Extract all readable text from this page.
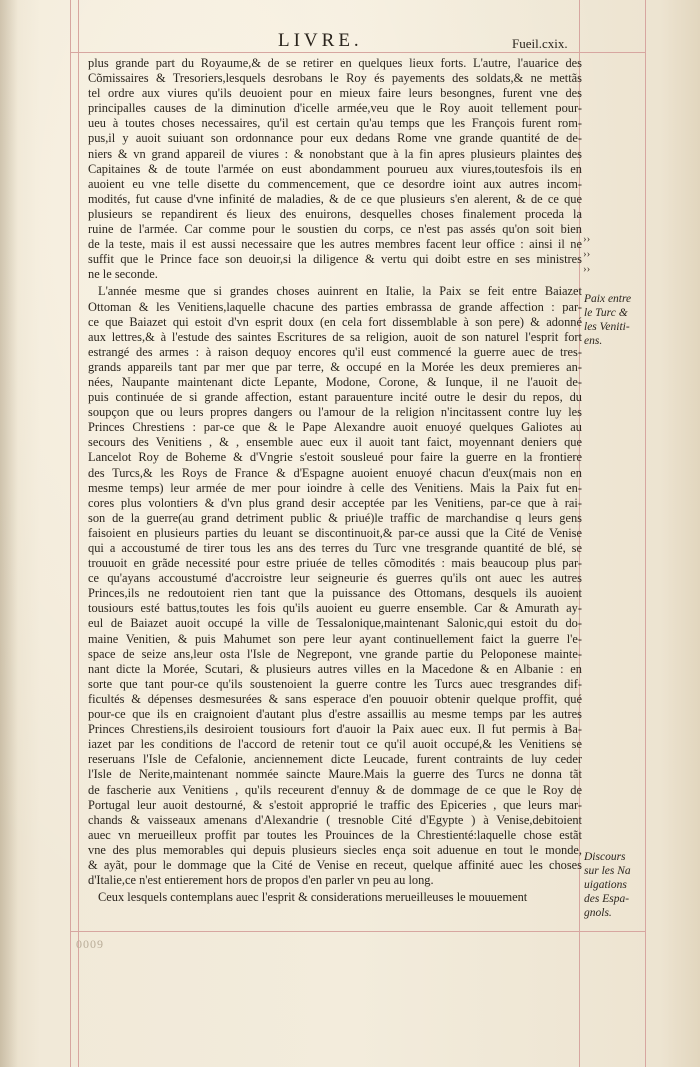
LIVRE.	Fueil.cxix.
plus grande part du Royaume,& de se retirer en quelques lieux forts. L'autre, l'auarice des
Cõmissaires & Tresoriers,lesquels desrobans le Roy és payements des soldats,& ne mettãs
tel ordre aux viures qu'ils deuoient pour en mieux faire leurs besongnes, furent vne des
principalles causes de la diminution d'icelle armée,veu que le Roy auoit tellement pour-
ueu à toutes choses necessaires, qu'il est certain qu'au temps que les François furent rom-
pus,il y auoit suiuant son ordonnance pour eux dedans Rome vne grande quantité de de-
niers & vn grand appareil de viures : & nonobstant que à la fin apres plusieurs plaintes des
Capitaines & de toute l'armée on eust abondamment pourueu aux viures,toutesfois ils en
auoient eu vne telle disette du commencement, que ce desordre ioint aux autres incom-
modités, fut cause d'vne infinité de maladies, & de ce que plusieurs s'en alerent, & de ce que
plusieurs se repandirent és lieux des enuirons, desquelles choses finalement proceda la
ruine de l'armée. Car comme pour le soustien du corps, ce n'est pas assés qu'on soit bien
de la teste, mais il est aussi necessaire que les autres membres facent leur office : ainsi il ne
suffit que le Prince face son deuoir,si la diligence & vertu qui doibt estre en ses ministres
ne le seconde.
L'année mesme que si grandes choses auinrent en Italie, la Paix se feit entre Baiazet
Ottoman & les Venitiens,laquelle chacune des parties embrassa de grande affection : par-
ce que Baiazet qui estoit d'vn esprit doux (en cela fort dissemblable à son pere) & adonné
aux lettres,& à l'estude des saintes Escritures de sa religion, auoit de son naturel l'esprit fort
estrangé des armes : à raison dequoy encores qu'il eust commencé la guerre auec de tres-
grands appareils tant par mer que par terre, & occupé en la Morée les deux premieres an-
nées, Naupante maintenant dicte Lepante, Modone, Corone, & Iunque, il ne l'auoit de-
puis continuée de si grande affection, estant parauenture incité outre le desir du repos, du
soupçon que ou leurs propres dangers ou l'amour de la religion n'incitassent contre luy les
Princes Chrestiens : par-ce que & le Pape Alexandre auoit enuoyé quelques Galiotes au
secours des Venitiens , & , ensemble auec eux il auoit tant faict, moyennant deniers que
Lancelot Roy de Boheme & d'Vngrie s'estoit sousleué pour faire la guerre en la frontiere
des Turcs,& les Roys de France & d'Espagne auoient enuoyé chacun d'eux(mais non en
mesme temps) leur armée de mer pour ioindre à celle des Venitiens. Mais la Paix fut en-
cores plus volontiers & d'vn plus grand desir acceptée par les Venitiens, par-ce que à rai-
son de la guerre(au grand detriment public & priué)le traffic de marchandise q leurs gens
faisoient en plusieurs parties du leuant se discontinuoit,& par-ce aussi que la Cité de Venise
qui a accoustumé de tirer tous les ans des terres du Turc vne tresgrande quantité de blé, se
trouuoit en grãde necessité pour estre priuée de telles cõmodités : mais beaucoup plus par-
ce qu'ayans accoustumé d'accroistre leur seigneurie és guerres qu'ils ont auec les autres
Princes,ils ne redoutoient rien tant que la puissance des Ottomans, desquels ils auoient
tousiours esté battus,toutes les fois qu'ils auoient eu guerre ensemble. Car & Amurath ay-
eul de Baiazet auoit occupé la ville de Tessalonique,maintenant Salonic,qui estoit du do-
maine Venitien, & puis Mahumet son pere leur ayant continuellement faict la guerre l'e-
space de seize ans,leur osta l'Isle de Negrepont, vne grande partie du Peloponese mainte-
nant dicte la Morée, Scutari, & plusieurs autres villes en la Macedone & en Albanie : en
sorte que tant pour-ce qu'ils soustenoient la guerre contre les Turcs auec tresgrandes dif-
ficultés & dépenses desmesurées & sans esperace d'en pouuoir obtenir quelque proffit, qué
pour-ce que ils en craignoient d'autant plus d'estre assaillis au mesme temps par les autres
Princes Chrestiens,ils desiroient tousiours fort d'auoir la Paix auec eux. Il fut permis à Ba-
iazet par les conditions de l'accord de retenir tout ce qu'il auoit occupé,& les Venitiens se
reseruans l'Isle de Cefalonie, anciennement dicte Leucade, furent contraints de luy ceder
l'Isle de Nerite,maintenant nommée saincte Maure.Mais la guerre des Turcs ne donna tãt
de fascherie aux Venitiens , qu'ils receurent d'ennuy & de dommage de ce que le Roy de
Portugal leur auoit destourné, & s'estoit approprié le traffic des Epiceries , que leurs mar-
chands & vaisseaux amenans d'Alexandrie ( tresnoble Cité d'Egypte ) à Venise,debitoient
auec vn merueilleux proffit par toutes les Prouinces de la Chrestienté:laquelle chose estãt
vne des plus memorables qui depuis plusieurs siecles ença soit aduenue en tout le monde,
& ayãt, pour le dommage que la Cité de Venise en receut, quelque affinité auec les choses
d'Italie,ce n'est entierement hors de propos d'en parler vn peu au long.
Ceux lesquels contemplans auec l'esprit & considerations merueilleuses le mouuement
››
››
››
Paix entre
le Turc &
les Veniti-
ens.
Discours
sur les Na
uigations
des Espa-
gnols.
0009
